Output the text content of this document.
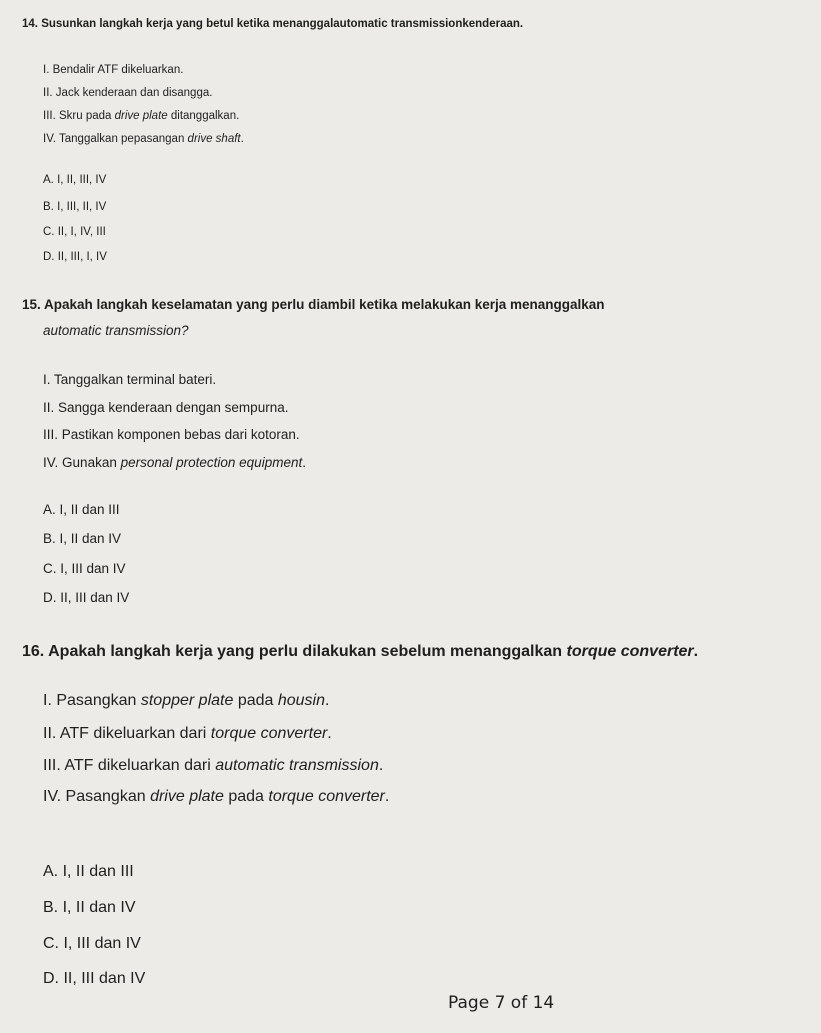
14. Susunkan langkah kerja yang betul ketika menanggalautomatic transmissionkenderaan.
I. Bendalir ATF dikeluarkan.
II. Jack kenderaan dan disangga.
III. Skru pada drive plate ditanggalkan.
IV. Tanggalkan pepasangan drive shaft.
A. I, II, III, IV
B. I, III, II, IV
C. II, I, IV, III
D. II, III, I, IV
15. Apakah langkah keselamatan yang perlu diambil ketika melakukan kerja menanggalkan
automatic transmission?
I. Tanggalkan terminal bateri.
II. Sangga kenderaan dengan sempurna.
III. Pastikan komponen bebas dari kotoran.
IV. Gunakan personal protection equipment.
A. I, II dan III
B. I, II dan IV
C. I, III dan IV
D. II, III dan IV
16. Apakah langkah kerja yang perlu dilakukan sebelum menanggalkan torque converter.
I. Pasangkan stopper plate pada housin.
II. ATF dikeluarkan dari torque converter.
III. ATF dikeluarkan dari automatic transmission.
IV. Pasangkan drive plate pada torque converter.
A. I, II dan III
B. I, II dan IV
C. I, III dan IV
D. II, III dan IV
Page 7 of 14
